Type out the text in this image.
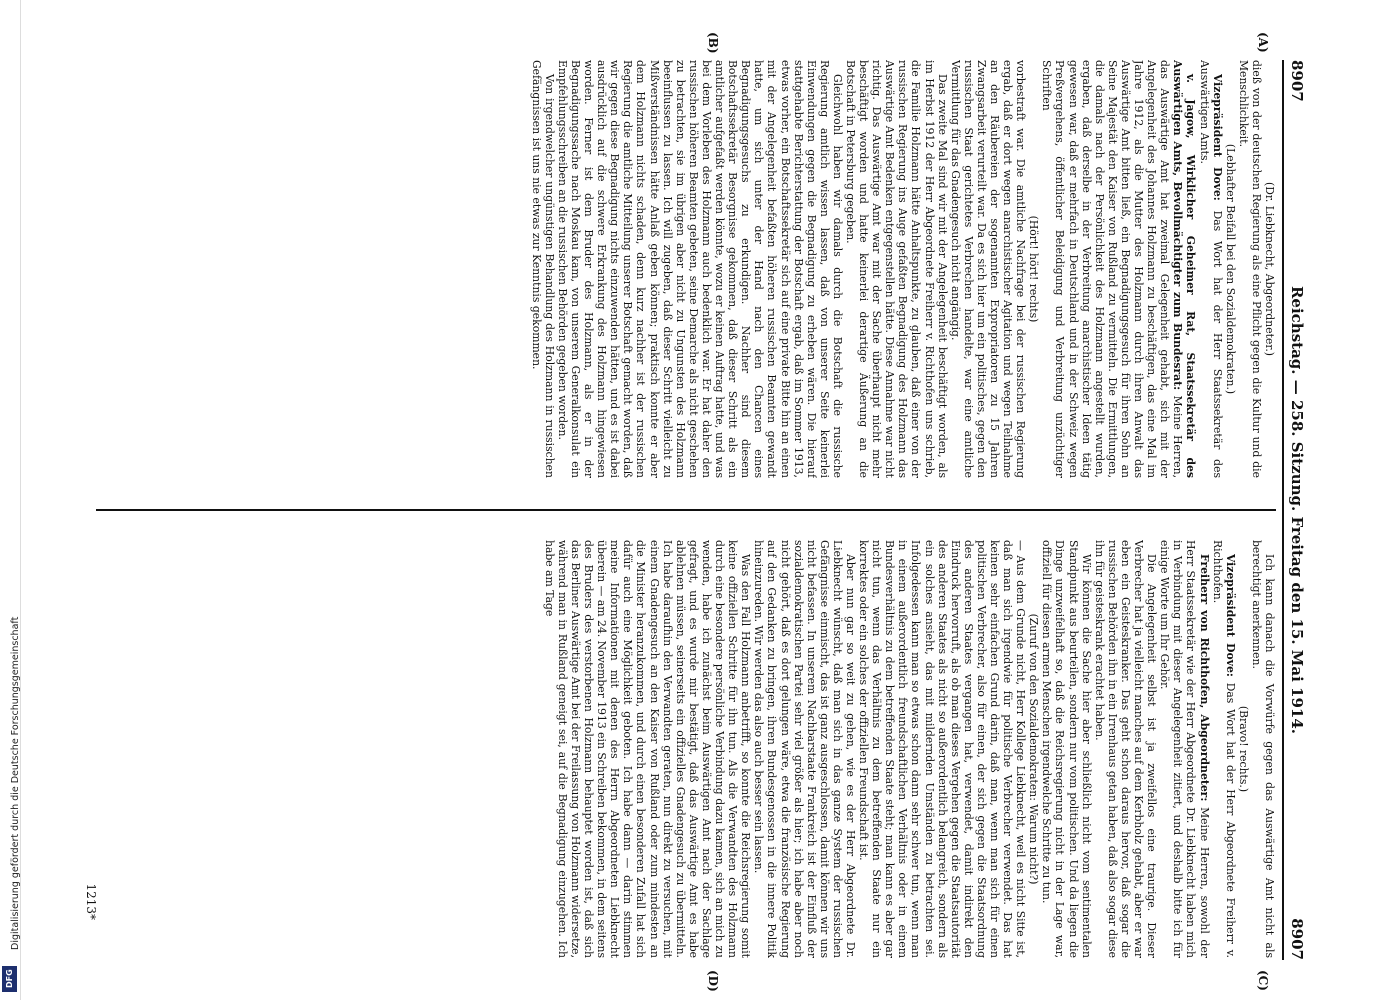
Digitalisierung gefördert durch die Deutsche Forschungsgemeinschaft
DFG
8907
Reichstag. — 258. Sitzung. Freitag den 15. Mai 1914.
8907
(A)
(B)
(C)
(D)

(Dr. Liebknecht, Abgeordneter.)

dieß von der deutschen Regierung als eine Pflicht gegen die Kultur und die Menschlichkeit.

(Lebhafter Beifall bei den Sozialdemokraten.)

Vizepräsident Dove: Das Wort hat der Herr Staatssekretär des Auswärtigen Amts.

v. Jagow, Wirklicher Geheimer Rat, Staatssekretär des Auswärtigen Amts, Bevollmächtigter zum Bundesrat: Meine Herren, das Auswärtige Amt hat zweimal Gelegenheit gehabt, sich mit der Angelegenheit des Johannes Holzmann zu beschäftigen, das eine Mal im Jahre 1912, als die Mutter des Holzmann durch ihren Anwalt das Auswärtige Amt bitten ließ, ein Begnadigungsgesuch für ihren Sohn an Seine Majestät den Kaiser von Rußland zu vermitteln. Die Ermittlungen, die damals nach der Persönlichkeit des Holzmann angestellt wurden, ergaben, daß derselbe in der Verbreitung anarchistischer Ideen tätig gewesen war, daß er mehrfach in Deutschland und in der Schweiz wegen Preßvergehens, öffentlicher Beleidigung und Verbreitung unzüchtiger Schriften

(Hört! hört! rechts)

vorbestraft war. Die amtliche Nachfrage bei der russischen Regierung ergab, daß er dort wegen anarchistischer Agitation und wegen Teilnahme an den Räubereien der sogenannten Expropriatoren zu 15 Jahren Zwangsarbeit verurteilt war. Da es sich hier um ein politisches, gegen den russischen Staat gerichtetes Verbrechen handelte, war eine amtliche Vermittlung für das Gnadengesuch nicht angängig.

Das zweite Mal sind wir mit der Angelegenheit beschäftigt worden, als im Herbst 1912 der Herr Abgeordnete Freiherr v. Richthofen uns schrieb, die Familie Holzmann hätte Anhaltspunkte, zu glauben, daß einer von der russischen Regierung ins Auge gefaßten Begnadigung des Holzmann das Auswärtige Amt Bedenken entgegenstellen hätte. Diese Annahme war nicht richtig. Das Auswärtige Amt war mit der Sache überhaupt nicht mehr beschäftigt worden und hatte keinerlei derartige Äußerung an die Botschaft in Petersburg gegeben.

Gleichwohl haben wir damals durch die Botschaft die russische Regierung amtlich wissen lassen, daß von unserer Seite keinerlei Einwendungen gegen die Begnadigung zu erheben wären. Die hierauf stattgehabte Berichterstattung der Botschaft ergab, daß im Sommer 1913, etwas vorher, ein Botschaftssekretär sich auf eine private Bitte hin an einen mit der Angelegenheit befaßten höheren russischen Beamten gewandt hatte, um sich unter der Hand nach den Chancen eines Begnadigungsgesuchs zu erkundigen. Nachher sind diesem Botschaftssekretär Besorgnisse gekommen, daß dieser Schritt als ein amtlicher aufgefaßt werden könnte, wozu er keinen Auftrag hatte, und was bei dem Vorleben des Holzmann auch bedenklich war. Er hat daher den russischen höheren Beamten gebeten, seine Demarche als nicht geschehen zu betrachten, sie im übrigen aber nicht zu Ungunsten des Holzmann beeinflussen zu lassen. Ich will zugeben, daß dieser Schritt vielleicht zu Mißverständnissen hätte Anlaß geben können; praktisch konnte er aber dem Holzmann nichts schaden, denn kurz nachher ist der russischen Regierung die amtliche Mitteilung unserer Botschaft gemacht worden, daß wir gegen diese Begnadigung nichts einzuwenden hätten, und es ist dabei ausdrücklich auf die schwere Erkrankung des Holzmann hingewiesen worden. Ferner ist dem Bruder des Holzmann, als er in der Begnadigungssache nach Moskau kam, von unserem Generalkonsulat ein Empfehlungsschreiben an die russischen Behörden gegeben worden.

Von irgendwelcher ungünstigen Behandlung des Holzmann in russischen Gefängnissen ist uns nie etwas zur Kenntnis gekommen.

Ich kann danach die Vorwürfe gegen das Auswärtige Amt nicht als berechtigt anerkennen.

(Bravo! rechts.)

Vizepräsident Dove: Das Wort hat der Herr Abgeordnete Freiherr v. Richthofen.

Freiherr von Richthofen, Abgeordneter: Meine Herren, sowohl der Herr Staatssekretär wie der Herr Abgeordnete Dr. Liebknecht haben mich in Verbindung mit dieser Angelegenheit zitiert, und deshalb bitte ich für einige Worte um Ihr Gehör.

Die Angelegenheit selbst ist ja zweifellos eine traurige. Dieser Verbrecher hat ja vielleicht manches auf dem Kerbholz gehabt, aber er war eben ein Geisteskranker. Das geht schon daraus hervor, daß sogar die russischen Behörden ihn in ein Irrenhaus getan haben, daß also sogar diese ihn für geisteskrank erachtet haben.

Wir können die Sache hier aber schließlich nicht vom sentimentalen Standpunkt aus beurteilen, sondern nur vom politischen. Und da liegen die Dinge unzweifelhaft so, daß die Reichsregierung nicht in der Lage war, offiziell für diesen armen Menschen irgendwelche Schritte zu tun.

(Zuruf von den Sozialdemokraten: Warum nicht?)

— Aus dem Grunde nicht, Herr Kollege Liebknecht, weil es nicht Sitte ist, daß man sich irgendwie für politische Verbrecher verwendet. Das hat keinen sehr einfachen Grund darin, daß man, wenn man sich für einen politischen Verbrecher, also für einen, der sich gegen die Staatsordnung des anderen Staates vergangen hat, verwendet, damit indirekt den Eindruck hervorruft, als ob man dieses Vergehen gegen die Staatsautorität des anderen Staates als nicht so außerordentlich belangreich, sondern als ein solches ansieht, das mit mildernden Umständen zu betrachten sei. Infolgedessen kann man so etwas schon dann sehr schwer tun, wenn man in einem außerordentlich freundschaftlichen Verhältnis oder in einem Bundesverhältnis zu dem betreffenden Staate steht; man kann es aber gar nicht tun, wenn das Verhältnis zu dem betreffenden Staate nur ein korrektes oder ein solches der offiziellen Freundschaft ist.

Aber nun gar so weit zu gehen, wie es der Herr Abgeordnete Dr. Liebknecht wünscht, daß man sich in das ganze System der russischen Gefängnisse einmischt, das ist ganz ausgeschlossen, damit können wir uns nicht befassen. In unserem Nachbarstaate Frankreich ist der Einfluß der sozialdemokratischen Partei sehr viel größer als hier; ich habe aber noch nicht gehört, daß es dort gelungen wäre, etwa die französische Regierung auf den Gedanken zu bringen, ihren Bundesgenossen in die innere Politik hineinzureden. Wir werden das also auch besser sein lassen.

Was den Fall Holzmann anbetrifft, so konnte die Reichsregierung somit keine offiziellen Schritte für ihn tun. Als die Verwandten des Holzmann durch eine besondere persönliche Verbindung dazu kamen, sich an mich zu wenden, habe ich zunächst beim Auswärtigen Amt nach der Sachlage gefragt, und es wurde mir bestätigt, daß das Auswärtige Amt es habe ablehnen müssen, seinerseits ein offizielles Gnadengesuch zu übermitteln. Ich habe daraufhin den Verwandten geraten, nun direkt zu versuchen, mit einem Gnadengesuch an den Kaiser von Rußland oder zum mindesten an die Minister heranzukommen, und durch einen besonderen Zufall hat sich dafür auch eine Möglichkeit geboten. Ich habe dann — darin stimmen meine Informationen mit denen des Herrn Abgeordneten Liebknecht überein — am 24. November 1913 ein Schreiben bekommen, in dem seitens des Bruders des verstorbenen Holzmann behauptet worden ist, daß sich das Berliner Auswärtige Amt bei der Freilassung von Holzmann widersetze, während man in Rußland geneigt sei, auf die Begnadigung einzugehen. Ich habe am Tage

1213*
